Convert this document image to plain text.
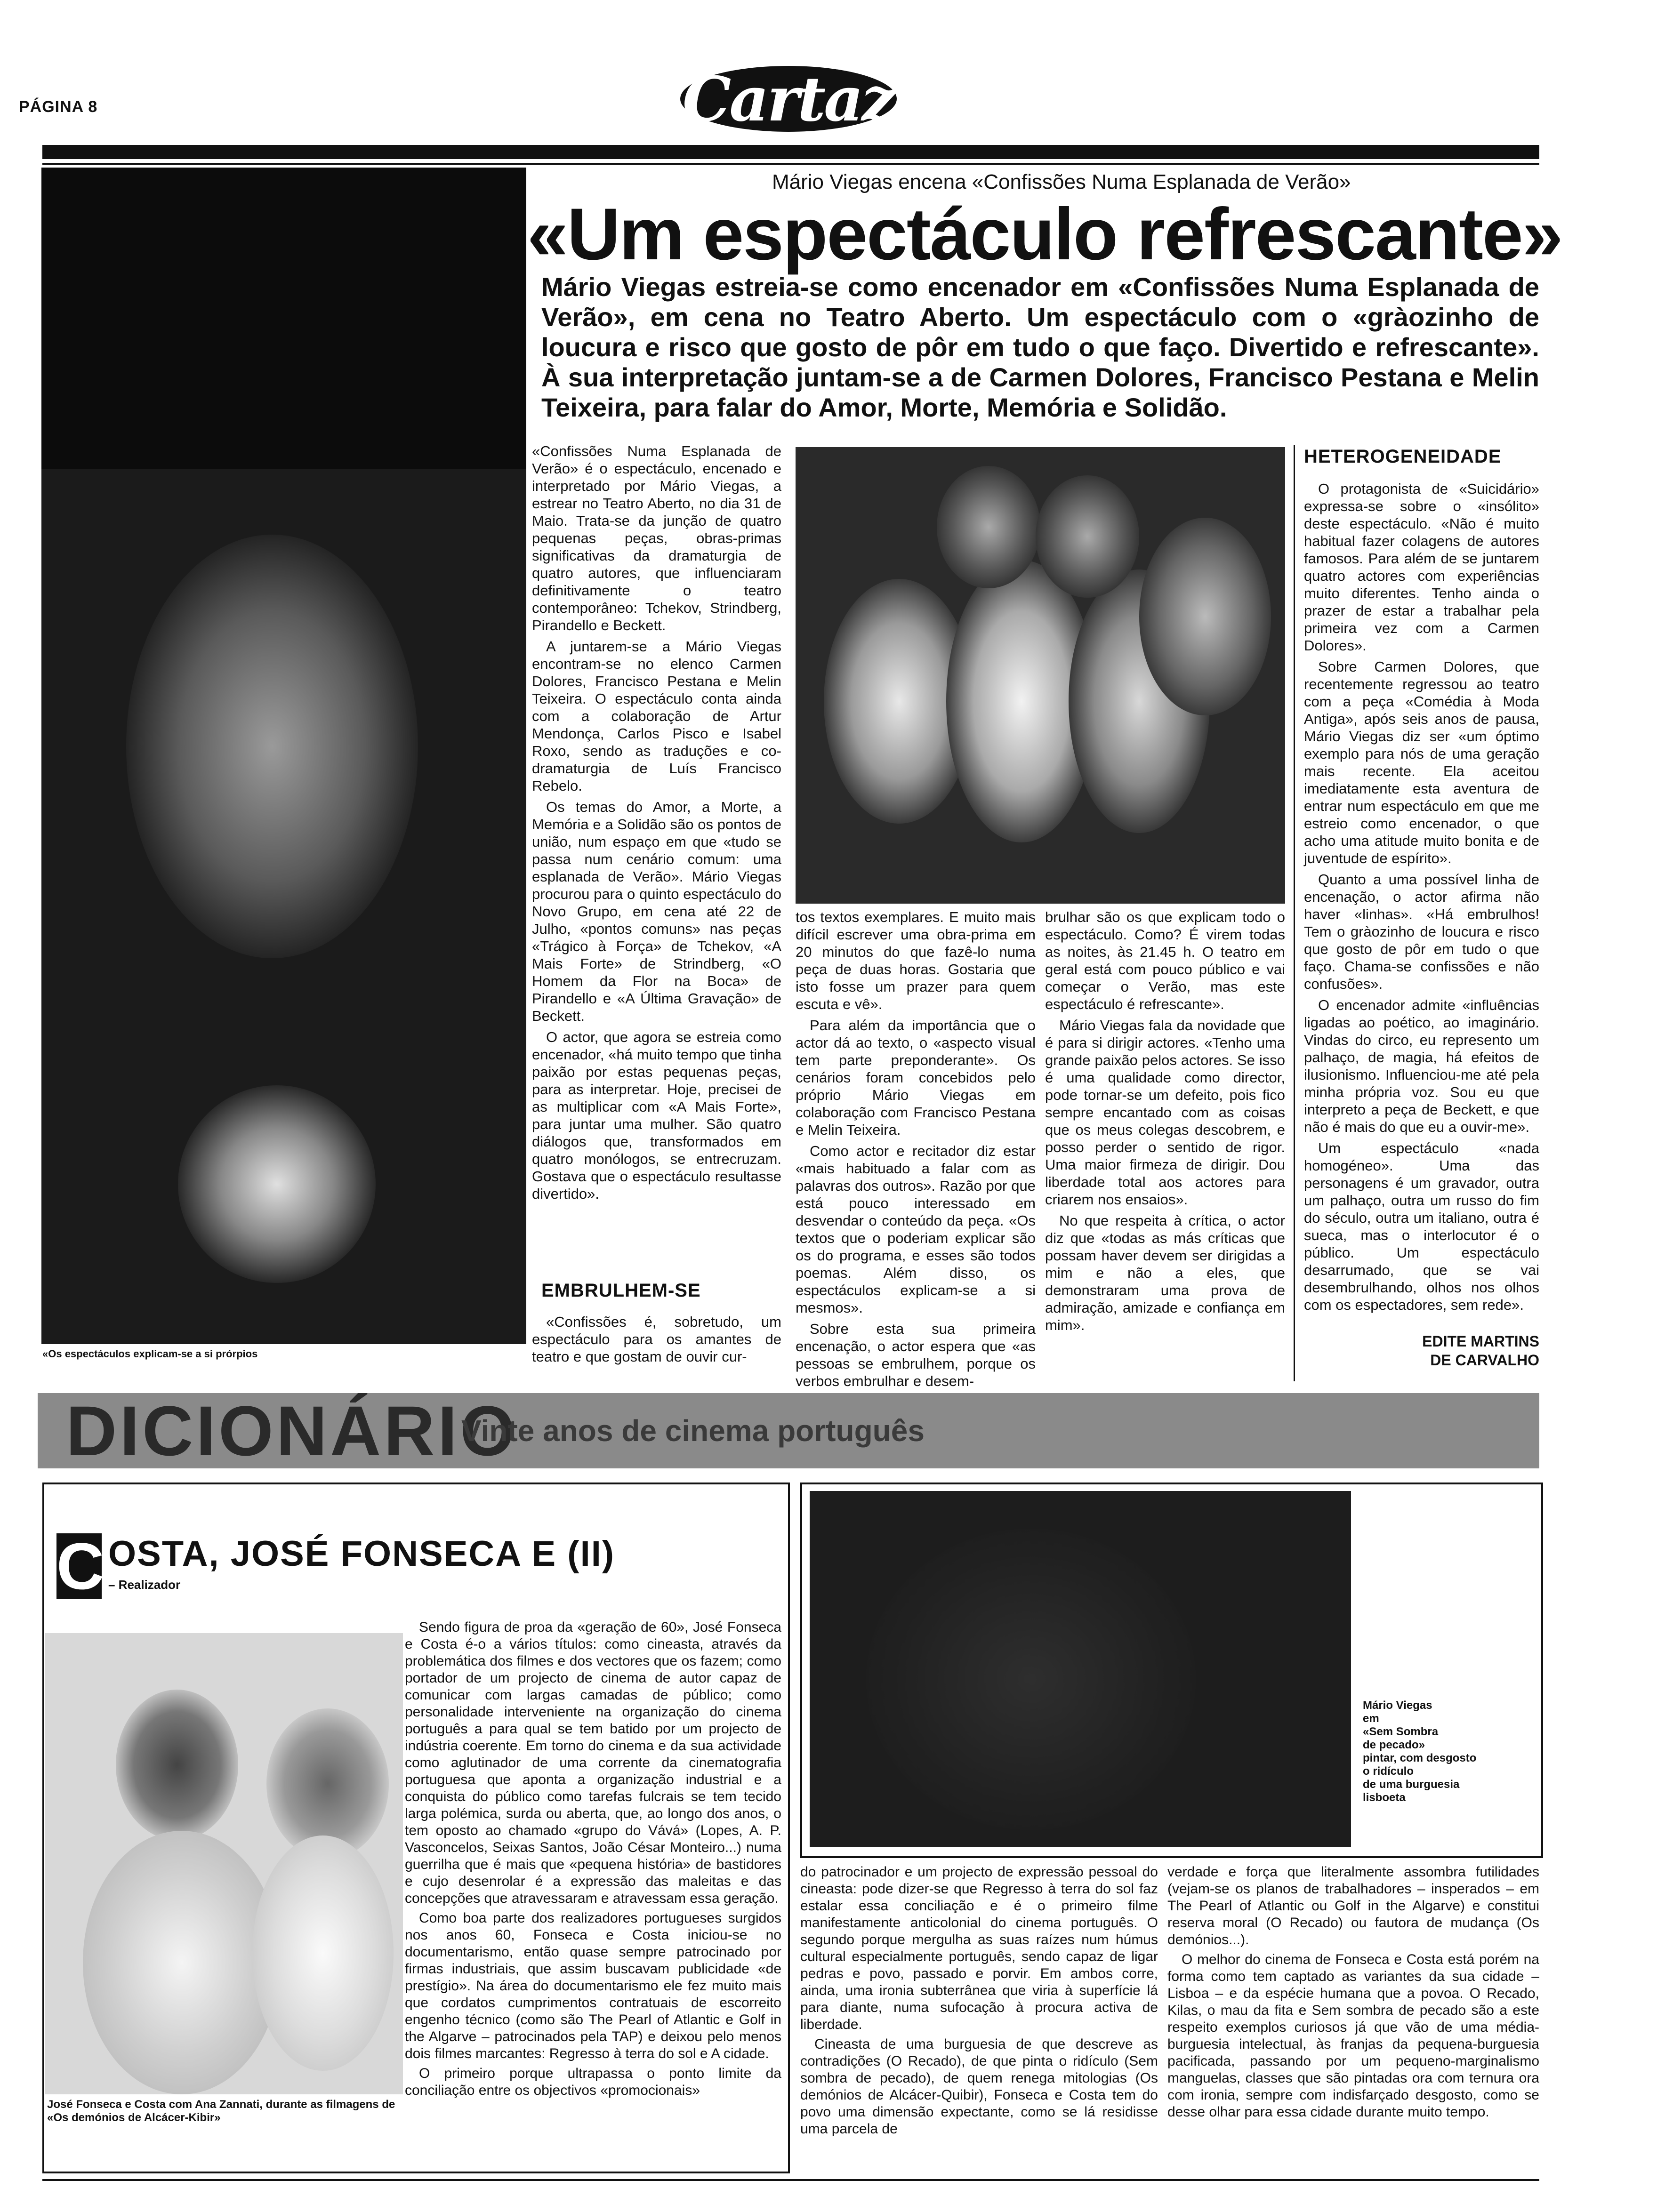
PÁGINA 8	Cartaz
«Os espectáculos explicam-se a si prórpios
Mário Viegas encena «Confissões Numa Esplanada de Verão»
«Um espectáculo refrescante»
Mário Viegas estreia-se como encenador em «Confissões Numa Esplanada de Verão», em cena no Teatro Aberto. Um espectáculo com o «gràozinho de loucura e risco que gosto de pôr em tudo o que faço. Divertido e refrescante». À sua interpretação juntam-se a de Carmen Dolores, Francisco Pestana e Melin Teixeira, para falar do Amor, Morte, Memória e Solidão.

«Confissões Numa Esplanada de Verão» é o espectáculo, encenado e interpretado por Mário Viegas, a estrear no Teatro Aberto, no dia 31 de Maio. Trata-se da junção de quatro pequenas peças, obras-primas significativas da dramaturgia de quatro autores, que influenciaram definitivamente o teatro contemporâneo: Tchekov, Strindberg, Pirandello e Beckett.

A juntarem-se a Mário Viegas encontram-se no elenco Carmen Dolores, Francisco Pestana e Melin Teixeira. O espectáculo conta ainda com a colaboração de Artur Mendonça, Carlos Pisco e Isabel Roxo, sendo as traduções e co-dramaturgia de Luís Francisco Rebelo.

Os temas do Amor, a Morte, a Memória e a Solidão são os pontos de união, num espaço em que «tudo se passa num cenário comum: uma esplanada de Verão». Mário Viegas procurou para o quinto espectáculo do Novo Grupo, em cena até 22 de Julho, «pontos comuns» nas peças «Trágico à Força» de Tchekov, «A Mais Forte» de Strindberg, «O Homem da Flor na Boca» de Pirandello e «A Última Gravação» de Beckett.

O actor, que agora se estreia como encenador, «há muito tempo que tinha paixão por estas pequenas peças, para as interpretar. Hoje, precisei de as multiplicar com «A Mais Forte», para juntar uma mulher. São quatro diálogos que, transformados em quatro monólogos, se entrecruzam. Gostava que o espectáculo resultasse divertido».

EMBRULHEM-SE

«Confissões é, sobretudo, um espectáculo para os amantes de teatro e que gostam de ouvir cur-

tos textos exemplares. E muito mais difícil escrever uma obra-prima em 20 minutos do que fazê-lo numa peça de duas horas. Gostaria que isto fosse um prazer para quem escuta e vê».

Para além da importância que o actor dá ao texto, o «aspecto visual tem parte preponderante». Os cenários foram concebidos pelo próprio Mário Viegas em colaboração com Francisco Pestana e Melin Teixeira.

Como actor e recitador diz estar «mais habituado a falar com as palavras dos outros». Razão por que está pouco interessado em desvendar o conteúdo da peça. «Os textos que o poderiam explicar são os do programa, e esses são todos poemas. Além disso, os espectáculos explicam-se a si mesmos».

Sobre esta sua primeira encenação, o actor espera que «as pessoas se embrulhem, porque os verbos embrulhar e desem-

brulhar são os que explicam todo o espectáculo. Como? É virem todas as noites, às 21.45 h. O teatro em geral está com pouco público e vai começar o Verão, mas este espectáculo é refrescante».

Mário Viegas fala da novidade que é para si dirigir actores. «Tenho uma grande paixão pelos actores. Se isso é uma qualidade como director, pode tornar-se um defeito, pois fico sempre encantado com as coisas que os meus colegas descobrem, e posso perder o sentido de rigor. Uma maior firmeza de dirigir. Dou liberdade total aos actores para criarem nos ensaios».

No que respeita à crítica, o actor diz que «todas as más críticas que possam haver devem ser dirigidas a mim e não a eles, que demonstraram uma prova de admiração, amizade e confiança em mim».

HETEROGENEIDADE

O protagonista de «Suicidário» expressa-se sobre o «insólito» deste espectáculo. «Não é muito habitual fazer colagens de autores famosos. Para além de se juntarem quatro actores com experiências muito diferentes. Tenho ainda o prazer de estar a trabalhar pela primeira vez com a Carmen Dolores».

Sobre Carmen Dolores, que recentemente regressou ao teatro com a peça «Comédia à Moda Antiga», após seis anos de pausa, Mário Viegas diz ser «um óptimo exemplo para nós de uma geração mais recente. Ela aceitou imediatamente esta aventura de entrar num espectáculo em que me estreio como encenador, o que acho uma atitude muito bonita e de juventude de espírito».

Quanto a uma possível linha de encenação, o actor afirma não haver «linhas». «Há embrulhos! Tem o gràozinho de loucura e risco que gosto de pôr em tudo o que faço. Chama-se confissões e não confusões».

O encenador admite «influências ligadas ao poético, ao imaginário. Vindas do circo, eu represento um palhaço, de magia, há efeitos de ilusionismo. Influenciou-me até pela minha própria voz. Sou eu que interpreto a peça de Beckett, e que não é mais do que eu a ouvir-me».

Um espectáculo «nada homogéneo». Uma das personagens é um gravador, outra um palhaço, outra um russo do fim do século, outra um italiano, outra é sueca, mas o interlocutor é o público. Um espectáculo desarrumado, que se vai desembrulhando, olhos nos olhos com os espectadores, sem rede».

EDITE MARTINS
DE CARVALHO
DICIONÁRIO
Vinte anos de cinema português
C OSTA, JOSÉ FONSECA E (II)
– Realizador
José Fonseca e Costa com Ana Zannati, durante as filmagens de «Os demónios de Alcácer-Kibir»

Sendo figura de proa da «geração de 60», José Fonseca e Costa é-o a vários títulos: como cineasta, através da problemática dos filmes e dos vectores que os fazem; como portador de um projecto de cinema de autor capaz de comunicar com largas camadas de público; como personalidade interveniente na organização do cinema português a para qual se tem batido por um projecto de indústria coerente. Em torno do cinema e da sua actividade como aglutinador de uma corrente da cinematografia portuguesa que aponta a organização industrial e a conquista do público como tarefas fulcrais se tem tecido larga polémica, surda ou aberta, que, ao longo dos anos, o tem oposto ao chamado «grupo do Vává» (Lopes, A. P. Vasconcelos, Seixas Santos, João César Monteiro...) numa guerrilha que é mais que «pequena história» de bastidores e cujo desenrolar é a expressão das maleitas e das concepções que atravessaram e atravessam essa geração.

Como boa parte dos realizadores portugueses surgidos nos anos 60, Fonseca e Costa iniciou-se no documentarismo, então quase sempre patrocinado por firmas industriais, que assim buscavam publicidade «de prestígio». Na área do documentarismo ele fez muito mais que cordatos cumprimentos contratuais de escorreito engenho técnico (como são The Pearl of Atlantic e Golf in the Algarve – patrocinados pela TAP) e deixou pelo menos dois filmes marcantes: Regresso à terra do sol e A cidade.

O primeiro porque ultrapassa o ponto limite da conciliação entre os objectivos «promocionais»

Mário Viegas
em
«Sem Sombra
de pecado»
pintar, com desgosto
o ridículo
de uma burguesia
lisboeta

do patrocinador e um projecto de expressão pessoal do cineasta: pode dizer-se que Regresso à terra do sol faz estalar essa conciliação e é o primeiro filme manifestamente anticolonial do cinema português. O segundo porque mergulha as suas raízes num húmus cultural especialmente português, sendo capaz de ligar pedras e povo, passado e porvir. Em ambos corre, ainda, uma ironia subterrânea que viria à superfície lá para diante, numa sufocação à procura activa de liberdade.

Cineasta de uma burguesia de que descreve as contradições (O Recado), de que pinta o ridículo (Sem sombra de pecado), de quem renega mitologias (Os demónios de Alcácer-Quibir), Fonseca e Costa tem do povo uma dimensão expectante, como se lá residisse uma parcela de

verdade e força que literalmente assombra futilidades (vejam-se os planos de trabalhadores – insperados – em The Pearl of Atlantic ou Golf in the Algarve) e constitui reserva moral (O Recado) ou fautora de mudança (Os demónios...).

O melhor do cinema de Fonseca e Costa está porém na forma como tem captado as variantes da sua cidade – Lisboa – e da espécie humana que a povoa. O Recado, Kilas, o mau da fita e Sem sombra de pecado são a este respeito exemplos curiosos já que vão de uma média-burguesia intelectual, às franjas da pequena-burguesia pacificada, passando por um pequeno-marginalismo manguelas, classes que são pintadas ora com ternura ora com ironia, sempre com indisfarçado desgosto, como se desse olhar para essa cidade durante muito tempo.
